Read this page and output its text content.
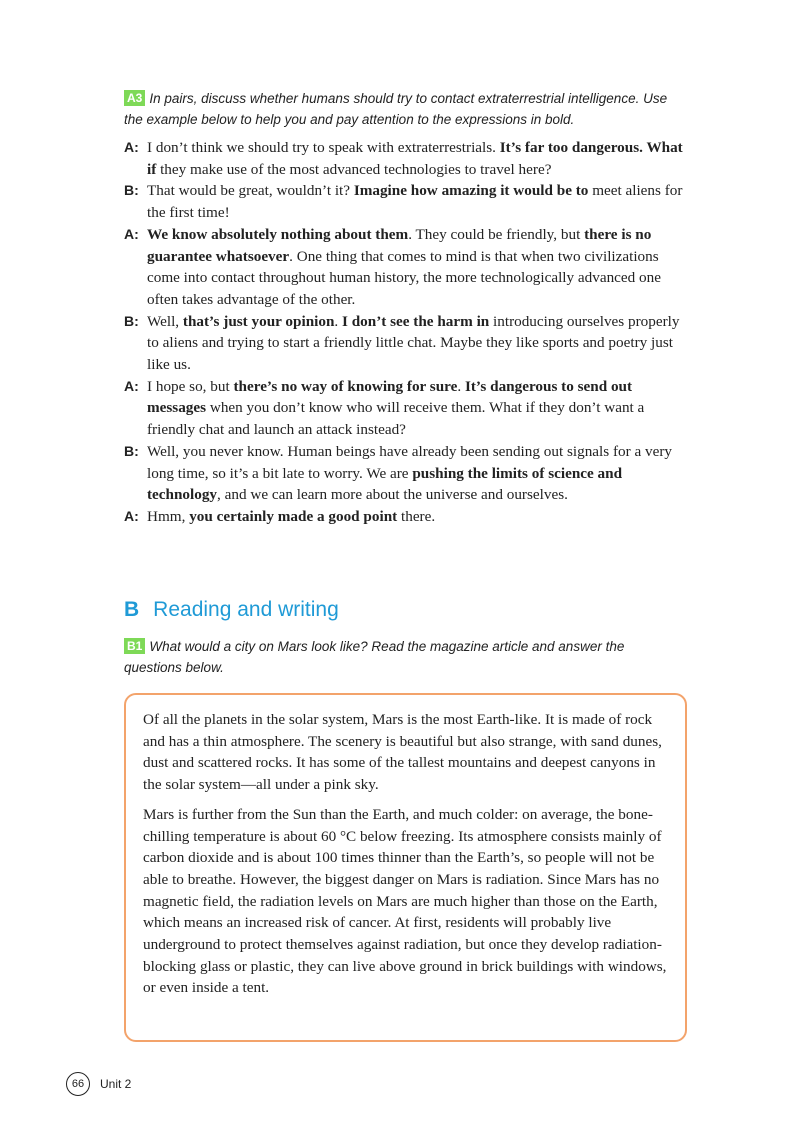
A3 In pairs, discuss whether humans should try to contact extraterrestrial intelligence. Use the example below to help you and pay attention to the expressions in bold.
A: I don’t think we should try to speak with extraterrestrials. It’s far too dangerous. What if they make use of the most advanced technologies to travel here?
B: That would be great, wouldn’t it? Imagine how amazing it would be to meet aliens for the first time!
A: We know absolutely nothing about them. They could be friendly, but there is no guarantee whatsoever. One thing that comes to mind is that when two civilizations come into contact throughout human history, the more technologically advanced one often takes advantage of the other.
B: Well, that’s just your opinion. I don’t see the harm in introducing ourselves properly to aliens and trying to start a friendly little chat. Maybe they like sports and poetry just like us.
A: I hope so, but there’s no way of knowing for sure. It’s dangerous to send out messages when you don’t know who will receive them. What if they don’t want a friendly chat and launch an attack instead?
B: Well, you never know. Human beings have already been sending out signals for a very long time, so it’s a bit late to worry. We are pushing the limits of science and technology, and we can learn more about the universe and ourselves.
A: Hmm, you certainly made a good point there.
B Reading and writing
B1 What would a city on Mars look like? Read the magazine article and answer the questions below.

Of all the planets in the solar system, Mars is the most Earth-like. It is made of rock and has a thin atmosphere. The scenery is beautiful but also strange, with sand dunes, dust and scattered rocks. It has some of the tallest mountains and deepest canyons in the solar system—all under a pink sky.

Mars is further from the Sun than the Earth, and much colder: on average, the bone-chilling temperature is about 60 °C below freezing. Its atmosphere consists mainly of carbon dioxide and is about 100 times thinner than the Earth’s, so people will not be able to breathe. However, the biggest danger on Mars is radiation. Since Mars has no magnetic field, the radiation levels on Mars are much higher than those on the Earth, which means an increased risk of cancer. At first, residents will probably live underground to protect themselves against radiation, but once they develop radiation-blocking glass or plastic, they can live above ground in brick buildings with windows, or even inside a tent.

66	Unit 2
